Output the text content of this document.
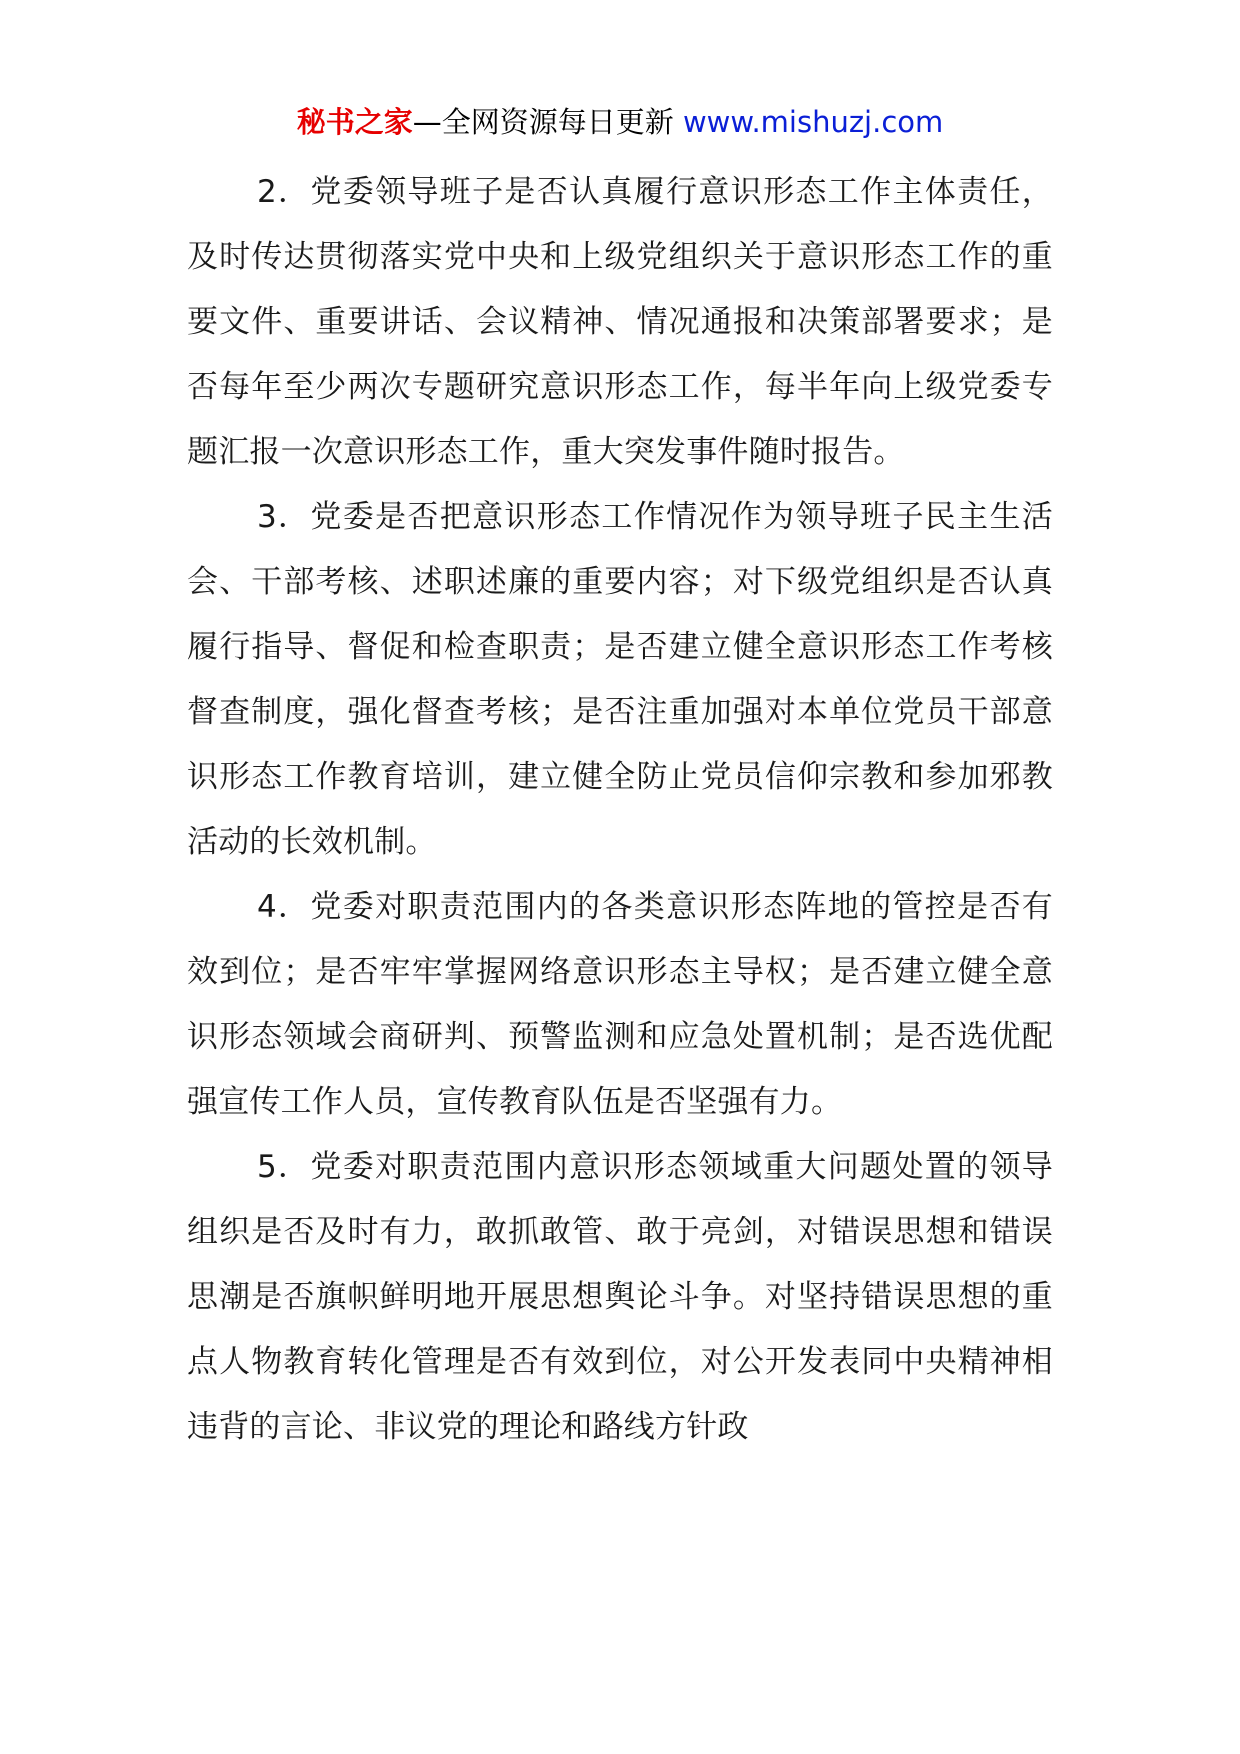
秘书之家—全网资源每日更新 www.mishuzj.com

2．党委领导班子是否认真履行意识形态工作主体责任，及时传达贯彻落实党中央和上级党组织关于意识形态工作的重要文件、重要讲话、会议精神、情况通报和决策部署要求；是否每年至少两次专题研究意识形态工作，每半年向上级党委专题汇报一次意识形态工作，重大突发事件随时报告。

3．党委是否把意识形态工作情况作为领导班子民主生活会、干部考核、述职述廉的重要内容；对下级党组织是否认真履行指导、督促和检查职责；是否建立健全意识形态工作考核督查制度，强化督查考核；是否注重加强对本单位党员干部意识形态工作教育培训，建立健全防止党员信仰宗教和参加邪教活动的长效机制。

4．党委对职责范围内的各类意识形态阵地的管控是否有效到位；是否牢牢掌握网络意识形态主导权；是否建立健全意识形态领域会商研判、预警监测和应急处置机制；是否选优配强宣传工作人员，宣传教育队伍是否坚强有力。

5．党委对职责范围内意识形态领域重大问题处置的领导组织是否及时有力，敢抓敢管、敢于亮剑，对错误思想和错误思潮是否旗帜鲜明地开展思想舆论斗争。对坚持错误思想的重点人物教育转化管理是否有效到位，对公开发表同中央精神相违背的言论、非议党的理论和路线方针政
